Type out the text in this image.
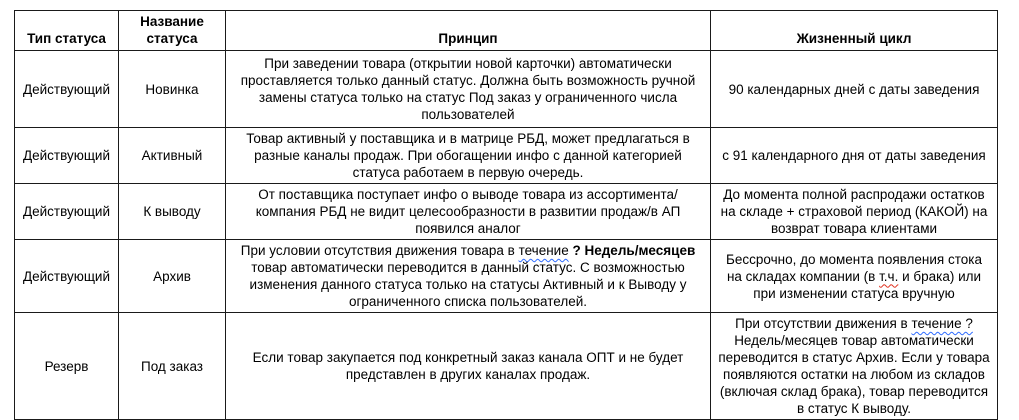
Тип статуса	Название статуса	Принцип	Жизненный цикл
Действующий	Новинка	При заведении товара (открытии новой карточки) автоматически проставляется только данный статус. Должна быть возможность ручной замены статуса только на статус Под заказ у ограниченного числа пользователей	90 календарных дней с даты заведения
Действующий	Активный	Товар активный у поставщика и в матрице РБД, может предлагаться в разные каналы продаж. При обогащении инфо с данной категорией статуса работаем в первую очередь.	с 91 календарного дня от даты заведения
Действующий	К выводу	От поставщика поступает инфо о выводе товара из ассортимента/компания РБД не видит целесообразности в развитии продаж/в АП появился аналог	До момента полной распродажи остатков на складе + страховой период (КАКОЙ) на возврат товара клиентами
Действующий	Архив	При условии отсутствия движения товара в течение ? Недель/месяцев товар автоматически переводится в данный статус. С возможностью изменения данного статуса только на статусы Активный и к Выводу у ограниченного списка пользователей.	Бессрочно, до момента появления стока на складах компании (в т.ч. и брака) или при изменении статуса вручную
Резерв	Под заказ	Если товар закупается под конкретный заказ канала ОПТ и не будет представлен в других каналах продаж.	При отсутствии движения в течение ? Недель/месяцев товар автоматически переводится в статус Архив. Если у товара появляются остатки на любом из складов (включая склад брака), товар переводится в статус К выводу.
